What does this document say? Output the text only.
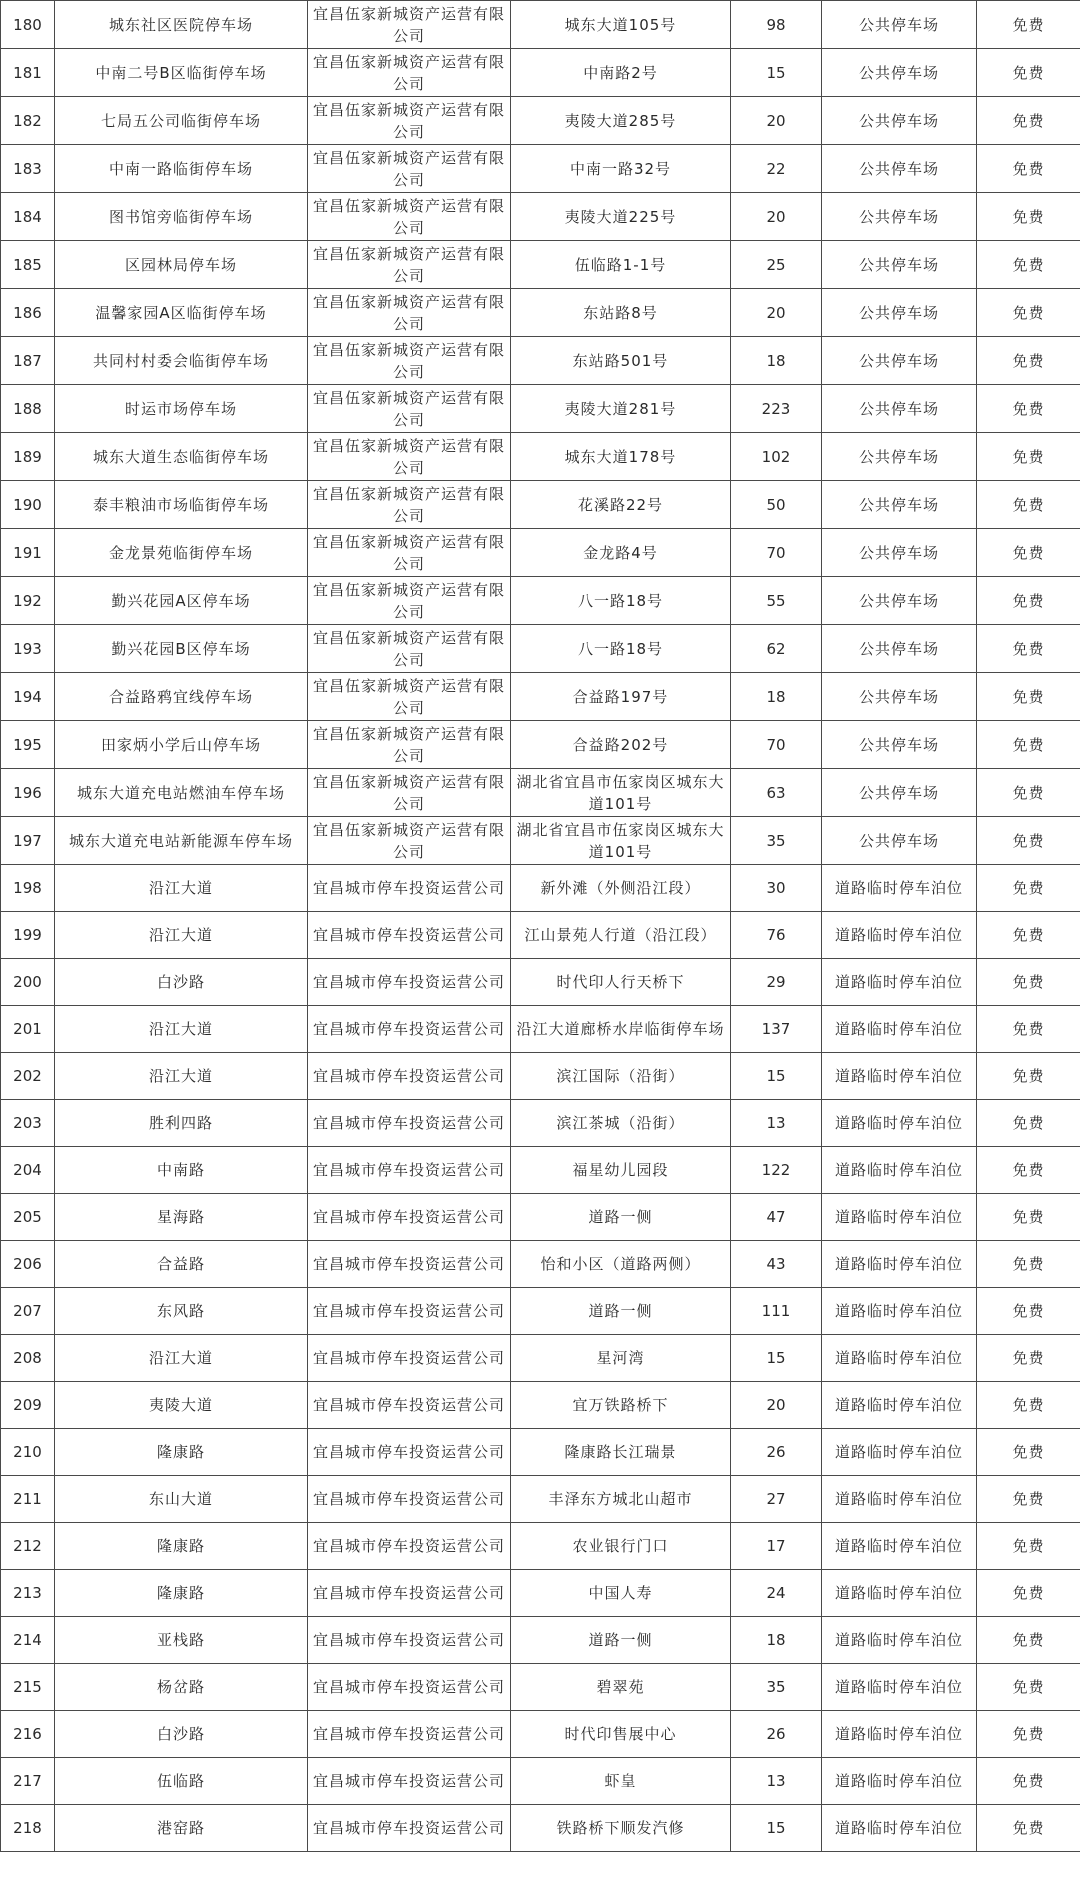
180	城东社区医院停车场	宜昌伍家新城资产运营有限公司	城东大道105号	98	公共停车场	免费
181	中南二号B区临街停车场	宜昌伍家新城资产运营有限公司	中南路2号	15	公共停车场	免费
182	七局五公司临街停车场	宜昌伍家新城资产运营有限公司	夷陵大道285号	20	公共停车场	免费
183	中南一路临街停车场	宜昌伍家新城资产运营有限公司	中南一路32号	22	公共停车场	免费
184	图书馆旁临街停车场	宜昌伍家新城资产运营有限公司	夷陵大道225号	20	公共停车场	免费
185	区园林局停车场	宜昌伍家新城资产运营有限公司	伍临路1-1号	25	公共停车场	免费
186	温馨家园A区临街停车场	宜昌伍家新城资产运营有限公司	东站路8号	20	公共停车场	免费
187	共同村村委会临街停车场	宜昌伍家新城资产运营有限公司	东站路501号	18	公共停车场	免费
188	时运市场停车场	宜昌伍家新城资产运营有限公司	夷陵大道281号	223	公共停车场	免费
189	城东大道生态临街停车场	宜昌伍家新城资产运营有限公司	城东大道178号	102	公共停车场	免费
190	泰丰粮油市场临街停车场	宜昌伍家新城资产运营有限公司	花溪路22号	50	公共停车场	免费
191	金龙景苑临街停车场	宜昌伍家新城资产运营有限公司	金龙路4号	70	公共停车场	免费
192	勤兴花园A区停车场	宜昌伍家新城资产运营有限公司	八一路18号	55	公共停车场	免费
193	勤兴花园B区停车场	宜昌伍家新城资产运营有限公司	八一路18号	62	公共停车场	免费
194	合益路鸦宜线停车场	宜昌伍家新城资产运营有限公司	合益路197号	18	公共停车场	免费
195	田家炳小学后山停车场	宜昌伍家新城资产运营有限公司	合益路202号	70	公共停车场	免费
196	城东大道充电站燃油车停车场	宜昌伍家新城资产运营有限公司	湖北省宜昌市伍家岗区城东大道101号	63	公共停车场	免费
197	城东大道充电站新能源车停车场	宜昌伍家新城资产运营有限公司	湖北省宜昌市伍家岗区城东大道101号	35	公共停车场	免费
198	沿江大道	宜昌城市停车投资运营公司	新外滩（外侧沿江段）	30	道路临时停车泊位	免费
199	沿江大道	宜昌城市停车投资运营公司	江山景苑人行道（沿江段）	76	道路临时停车泊位	免费
200	白沙路	宜昌城市停车投资运营公司	时代印人行天桥下	29	道路临时停车泊位	免费
201	沿江大道	宜昌城市停车投资运营公司	沿江大道廊桥水岸临街停车场	137	道路临时停车泊位	免费
202	沿江大道	宜昌城市停车投资运营公司	滨江国际（沿街）	15	道路临时停车泊位	免费
203	胜利四路	宜昌城市停车投资运营公司	滨江茶城（沿街）	13	道路临时停车泊位	免费
204	中南路	宜昌城市停车投资运营公司	福星幼儿园段	122	道路临时停车泊位	免费
205	星海路	宜昌城市停车投资运营公司	道路一侧	47	道路临时停车泊位	免费
206	合益路	宜昌城市停车投资运营公司	怡和小区（道路两侧）	43	道路临时停车泊位	免费
207	东风路	宜昌城市停车投资运营公司	道路一侧	111	道路临时停车泊位	免费
208	沿江大道	宜昌城市停车投资运营公司	星河湾	15	道路临时停车泊位	免费
209	夷陵大道	宜昌城市停车投资运营公司	宜万铁路桥下	20	道路临时停车泊位	免费
210	隆康路	宜昌城市停车投资运营公司	隆康路长江瑞景	26	道路临时停车泊位	免费
211	东山大道	宜昌城市停车投资运营公司	丰泽东方城北山超市	27	道路临时停车泊位	免费
212	隆康路	宜昌城市停车投资运营公司	农业银行门口	17	道路临时停车泊位	免费
213	隆康路	宜昌城市停车投资运营公司	中国人寿	24	道路临时停车泊位	免费
214	亚栈路	宜昌城市停车投资运营公司	道路一侧	18	道路临时停车泊位	免费
215	杨岔路	宜昌城市停车投资运营公司	碧翠苑	35	道路临时停车泊位	免费
216	白沙路	宜昌城市停车投资运营公司	时代印售展中心	26	道路临时停车泊位	免费
217	伍临路	宜昌城市停车投资运营公司	虾皇	13	道路临时停车泊位	免费
218	港窑路	宜昌城市停车投资运营公司	铁路桥下顺发汽修	15	道路临时停车泊位	免费
